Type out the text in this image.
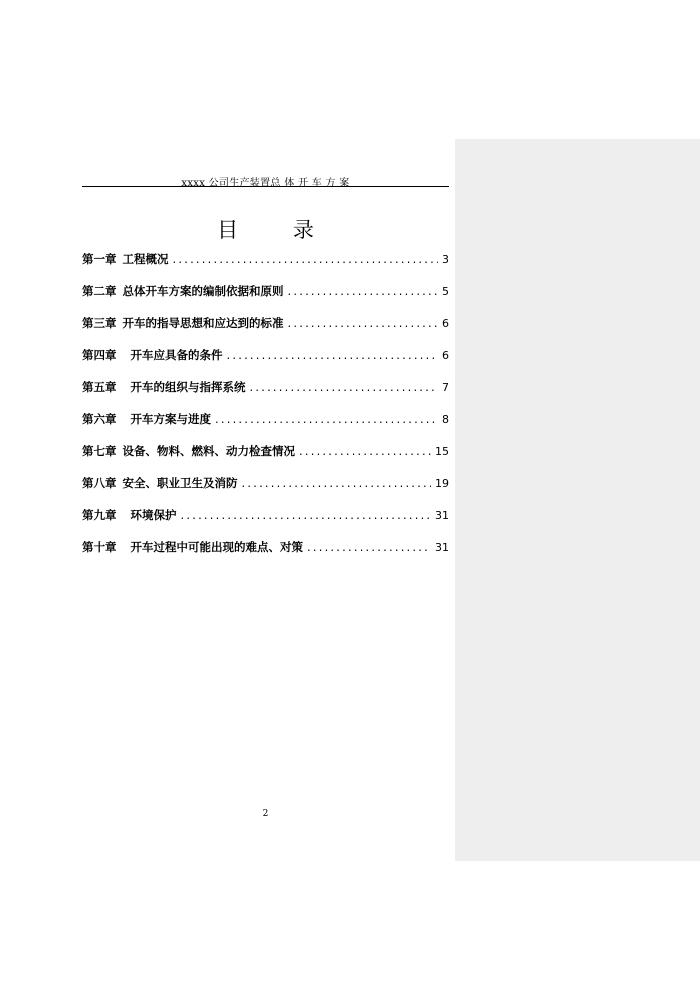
xxxx 公司生产装置总 体 开 车 方 案
目 录
第一章 工程概况 .....	3
第二章 总体开车方案的编制依据和原则 .....	5
第三章 开车的指导思想和应达到的标准 .....	6
第四章 开车应具备的条件 .....	6
第五章 开车的组织与指挥系统 .....	7
第六章 开车方案与进度 .....	8
第七章 设备、物料、燃料、动力检查情况 .....	15
第八章 安全、职业卫生及消防 .....	19
第九章 环境保护 .....	31
第十章 开车过程中可能出现的难点、对策 .....	31
2
